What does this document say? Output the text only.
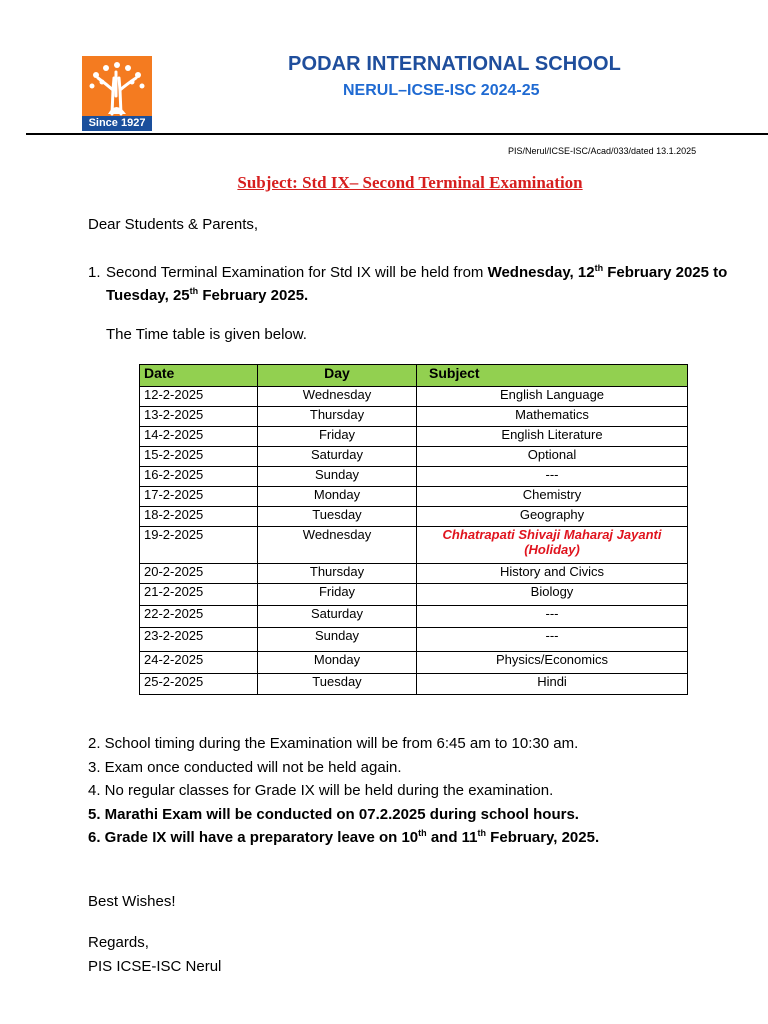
Since 1927
PODAR INTERNATIONAL SCHOOL
NERUL–ICSE-ISC 2024-25
PIS/Nerul/ICSE-ISC/Acad/033/dated 13.1.2025
Subject: Std IX– Second Terminal Examination
Dear Students & Parents,
1. Second Terminal Examination for Std IX will be held from Wednesday, 12th February 2025 to Tuesday, 25th February 2025.
The Time table is given below.
Date	Day	Subject
12-2-2025	Wednesday	English Language
13-2-2025	Thursday	Mathematics
14-2-2025	Friday	English Literature
15-2-2025	Saturday	Optional
16-2-2025	Sunday	---
17-2-2025	Monday	Chemistry
18-2-2025	Tuesday	Geography
19-2-2025	Wednesday	Chhatrapati Shivaji Maharaj Jayanti (Holiday)
20-2-2025	Thursday	History and Civics
21-2-2025	Friday	Biology
22-2-2025	Saturday	---
23-2-2025	Sunday	---
24-2-2025	Monday	Physics/Economics
25-2-2025	Tuesday	Hindi
2. School timing during the Examination will be from 6:45 am to 10:30 am.
3. Exam once conducted will not be held again.
4. No regular classes for Grade IX will be held during the examination.
5. Marathi Exam will be conducted on 07.2.2025 during school hours.
6. Grade IX will have a preparatory leave on 10th and 11th February, 2025.
Best Wishes!
Regards,
PIS ICSE-ISC Nerul
